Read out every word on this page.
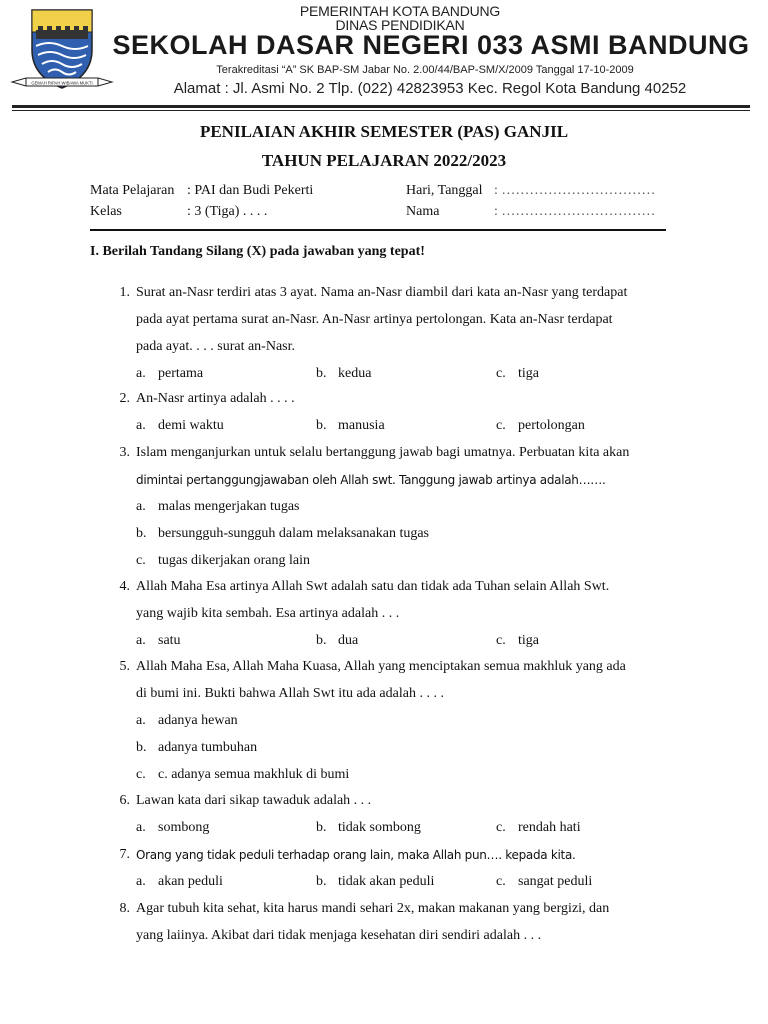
GEMAH RIPAH WIBAWA MUKTI
PEMERINTAH KOTA BANDUNG
DINAS PENDIDIKAN
SEKOLAH DASAR NEGERI 033 ASMI BANDUNG
Terakreditasi “A” SK BAP-SM Jabar No. 2.00/44/BAP-SM/X/2009 Tanggal 17-10-2009
Alamat : Jl. Asmi No. 2 Tlp. (022) 42823953 Kec. Regol Kota Bandung 40252
PENILAIAN AKHIR SEMESTER (PAS) GANJIL
TAHUN PELAJARAN 2022/2023
Mata Pelajaran : PAI dan Budi Pekerti	Hari, Tanggal : ……………………………
Kelas	: 3 (Tiga) . . . .	Nama	: ……………………………
I. Berilah Tandang Silang (X) pada jawaban yang tepat!
1. Surat an-Nasr terdiri atas 3 ayat. Nama an-Nasr diambil dari kata an-Nasr yang terdapat
pada ayat pertama surat an-Nasr. An-Nasr artinya pertolongan. Kata an-Nasr terdapat
pada ayat. . . . surat an-Nasr.
a. pertama	b. kedua	c. tiga
2. An-Nasr artinya adalah . . . .
a. demi waktu	b. manusia	c. pertolongan
3. Islam menganjurkan untuk selalu bertanggung jawab bagi umatnya. Perbuatan kita akan
dimintai pertanggungjawaban oleh Allah swt. Tanggung jawab artinya adalah…….
a. malas mengerjakan tugas
b. bersungguh-sungguh dalam melaksanakan tugas
c. tugas dikerjakan orang lain
4. Allah Maha Esa artinya Allah Swt adalah satu dan tidak ada Tuhan selain Allah Swt.
yang wajib kita sembah. Esa artinya adalah . . .
a. satu	b. dua	c. tiga
5. Allah Maha Esa, Allah Maha Kuasa, Allah yang menciptakan semua makhluk yang ada
di bumi ini. Bukti bahwa Allah Swt itu ada adalah . . . .
a. adanya hewan
b. adanya tumbuhan
c. c. adanya semua makhluk di bumi
6. Lawan kata dari sikap tawaduk adalah . . .
a. sombong	b. tidak sombong	c. rendah hati
7. Orang yang tidak peduli terhadap orang lain, maka Allah pun…. kepada kita.
a. akan peduli	b. tidak akan peduli	c. sangat peduli
8. Agar tubuh kita sehat, kita harus mandi sehari 2x, makan makanan yang bergizi, dan
yang laiinya. Akibat dari tidak menjaga kesehatan diri sendiri adalah . . .
